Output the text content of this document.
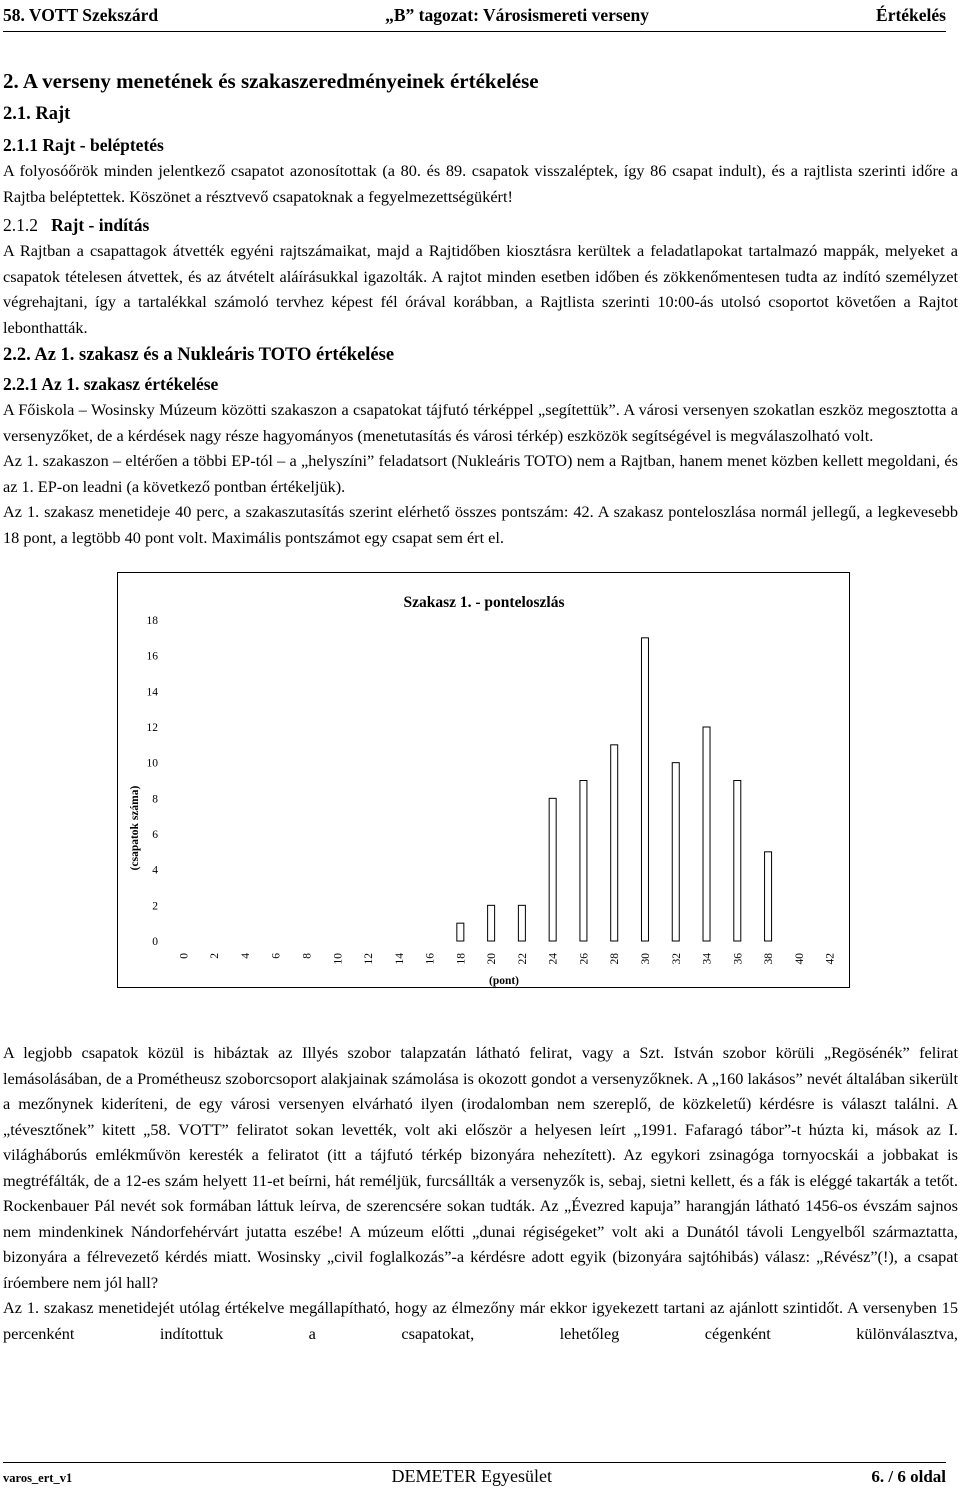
58. VOTT Szekszárd	„B” tagozat: Városismereti verseny	Értékelés
2. A verseny menetének és szakaszeredményeinek értékelése
2.1. Rajt
2.1.1 Rajt - beléptetés

A folyosóőrök minden jelentkező csapatot azonosítottak (a 80. és 89. csapatok visszaléptek, így 86 csapat indult), és a rajtlista szerinti időre a Rajtba beléptettek. Köszönet a résztvevő csapatoknak a fegyelmezettségükért!

2.1.2 Rajt - indítás

A Rajtban a csapattagok átvették egyéni rajtszámaikat, majd a Rajtidőben kiosztásra kerültek a feladatlapokat tartalmazó mappák, melyeket a csapatok tételesen átvettek, és az átvételt aláírásukkal igazolták. A rajtot minden esetben időben és zökkenőmentesen tudta az indító személyzet végrehajtani, így a tartalékkal számoló tervhez képest fél órával korábban, a Rajtlista szerinti 10:00-ás utolsó csoportot követően a Rajtot lebonthatták.

2.2. Az 1. szakasz és a Nukleáris TOTO értékelése
2.2.1 Az 1. szakasz értékelése

A Főiskola – Wosinsky Múzeum közötti szakaszon a csapatokat tájfutó térképpel „segítettük”. A városi versenyen szokatlan eszköz megosztotta a versenyzőket, de a kérdések nagy része hagyományos (menetutasítás és városi térkép) eszközök segítségével is megválaszolható volt.

Az 1. szakaszon – eltérően a többi EP-tól – a „helyszíni” feladatsort (Nukleáris TOTO) nem a Rajtban, hanem menet közben kellett megoldani, és az 1. EP-on leadni (a következő pontban értékeljük).

Az 1. szakasz menetideje 40 perc, a szakaszutasítás szerint elérhető összes pontszám: 42. A szakasz ponteloszlása normál jellegű, a legkevesebb 18 pont, a legtöbb 40 pont volt. Maximális pontszámot egy csapat sem ért el.

Szakasz 1. - ponteloszlás
(csapatok száma)
(pont)
0
2
4
6
8
10
12
14
16
18
0 2 4 6 8 10 12 14 16 18 20 22 24 26 28 30 32 34 36 38 40 42

A legjobb csapatok közül is hibáztak az Illyés szobor talapzatán látható felirat, vagy a Szt. István szobor körüli „Regösénék” felirat lemásolásában, de a Prométheusz szoborcsoport alakjainak számolása is okozott gondot a versenyzőknek. A „160 lakásos” nevét általában sikerült a mezőnynek kideríteni, de egy városi versenyen elvárható ilyen (irodalomban nem szereplő, de közkeletű) kérdésre is választ találni. A „tévesztőnek” kitett „58. VOTT” feliratot sokan levették, volt aki először a helyesen leírt „1991. Fafaragó tábor”-t húzta ki, mások az I. világháborús emlékművön keresték a feliratot (itt a tájfutó térkép bizonyára nehezített). Az egykori zsinagóga tornyocskái a jobbakat is megtréfálták, de a 12-es szám helyett 11-et beírni, hát reméljük, furcsállták a versenyzők is, sebaj, sietni kellett, és a fák is eléggé takarták a tetőt. Rockenbauer Pál nevét sok formában láttuk leírva, de szerencsére sokan tudták. Az „Évezred kapuja” harangján látható 1456-os évszám sajnos nem mindenkinek Nándorfehérvárt jutatta eszébe! A múzeum előtti „dunai régiségeket” volt aki a Dunától távoli Lengyelből származtatta, bizonyára a félrevezető kérdés miatt. Wosinsky „civil foglalkozás”-a kérdésre adott egyik (bizonyára sajtóhibás) válasz: „Révész”(!), a csapat íróembere nem jól hall?

Az 1. szakasz menetidejét utólag értékelve megállapítható, hogy az élmezőny már ekkor igyekezett tartani az ajánlott szintidőt. A versenyben 15 percenként indítottuk a csapatokat, lehetőleg cégenként különválasztva,

varos_ert_v1	DEMETER Egyesület	6. / 6 oldal
